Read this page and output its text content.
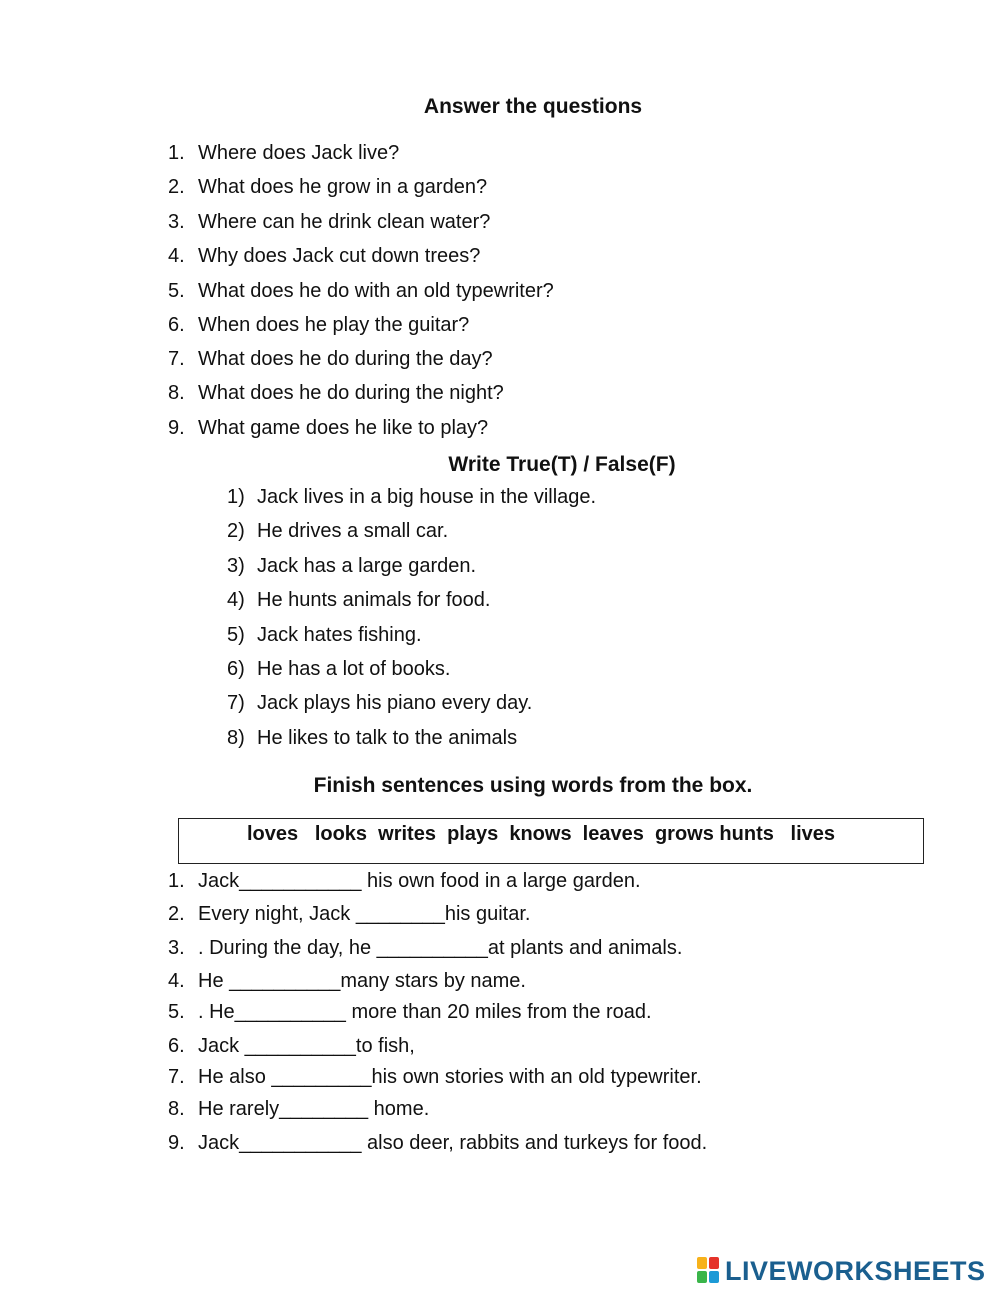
Answer the questions
1. Where does Jack live?
2. What does he grow in a garden?
3. Where can he drink clean water?
4. Why does Jack cut down trees?
5. What does he do with an old typewriter?
6. When does he play the guitar?
7. What does he do during the day?
8. What does he do during the night?
9. What game does he like to play?
Write True(T) / False(F)
1) Jack lives in a big house in the village.
2) He drives a small car.
3) Jack has a large garden.
4) He hunts animals for food.
5) Jack hates fishing.
6) He has a lot of books.
7) Jack plays his piano every day.
8) He likes to talk to the animals
Finish sentences using words from the box.
loves   looks  writes  plays  knows  leaves  grows hunts   lives
1. Jack___________ his own food in a large garden.
2. Every night, Jack ________his guitar.
3. . During the day, he __________at plants and animals.
4. He __________many stars by name.
5. . He__________ more than 20 miles from the road.
6. Jack __________to fish,
7. He also _________his own stories with an old typewriter.
8. He rarely________ home.
9. Jack___________ also deer, rabbits and turkeys for food.
LIVEWORKSHEETS
